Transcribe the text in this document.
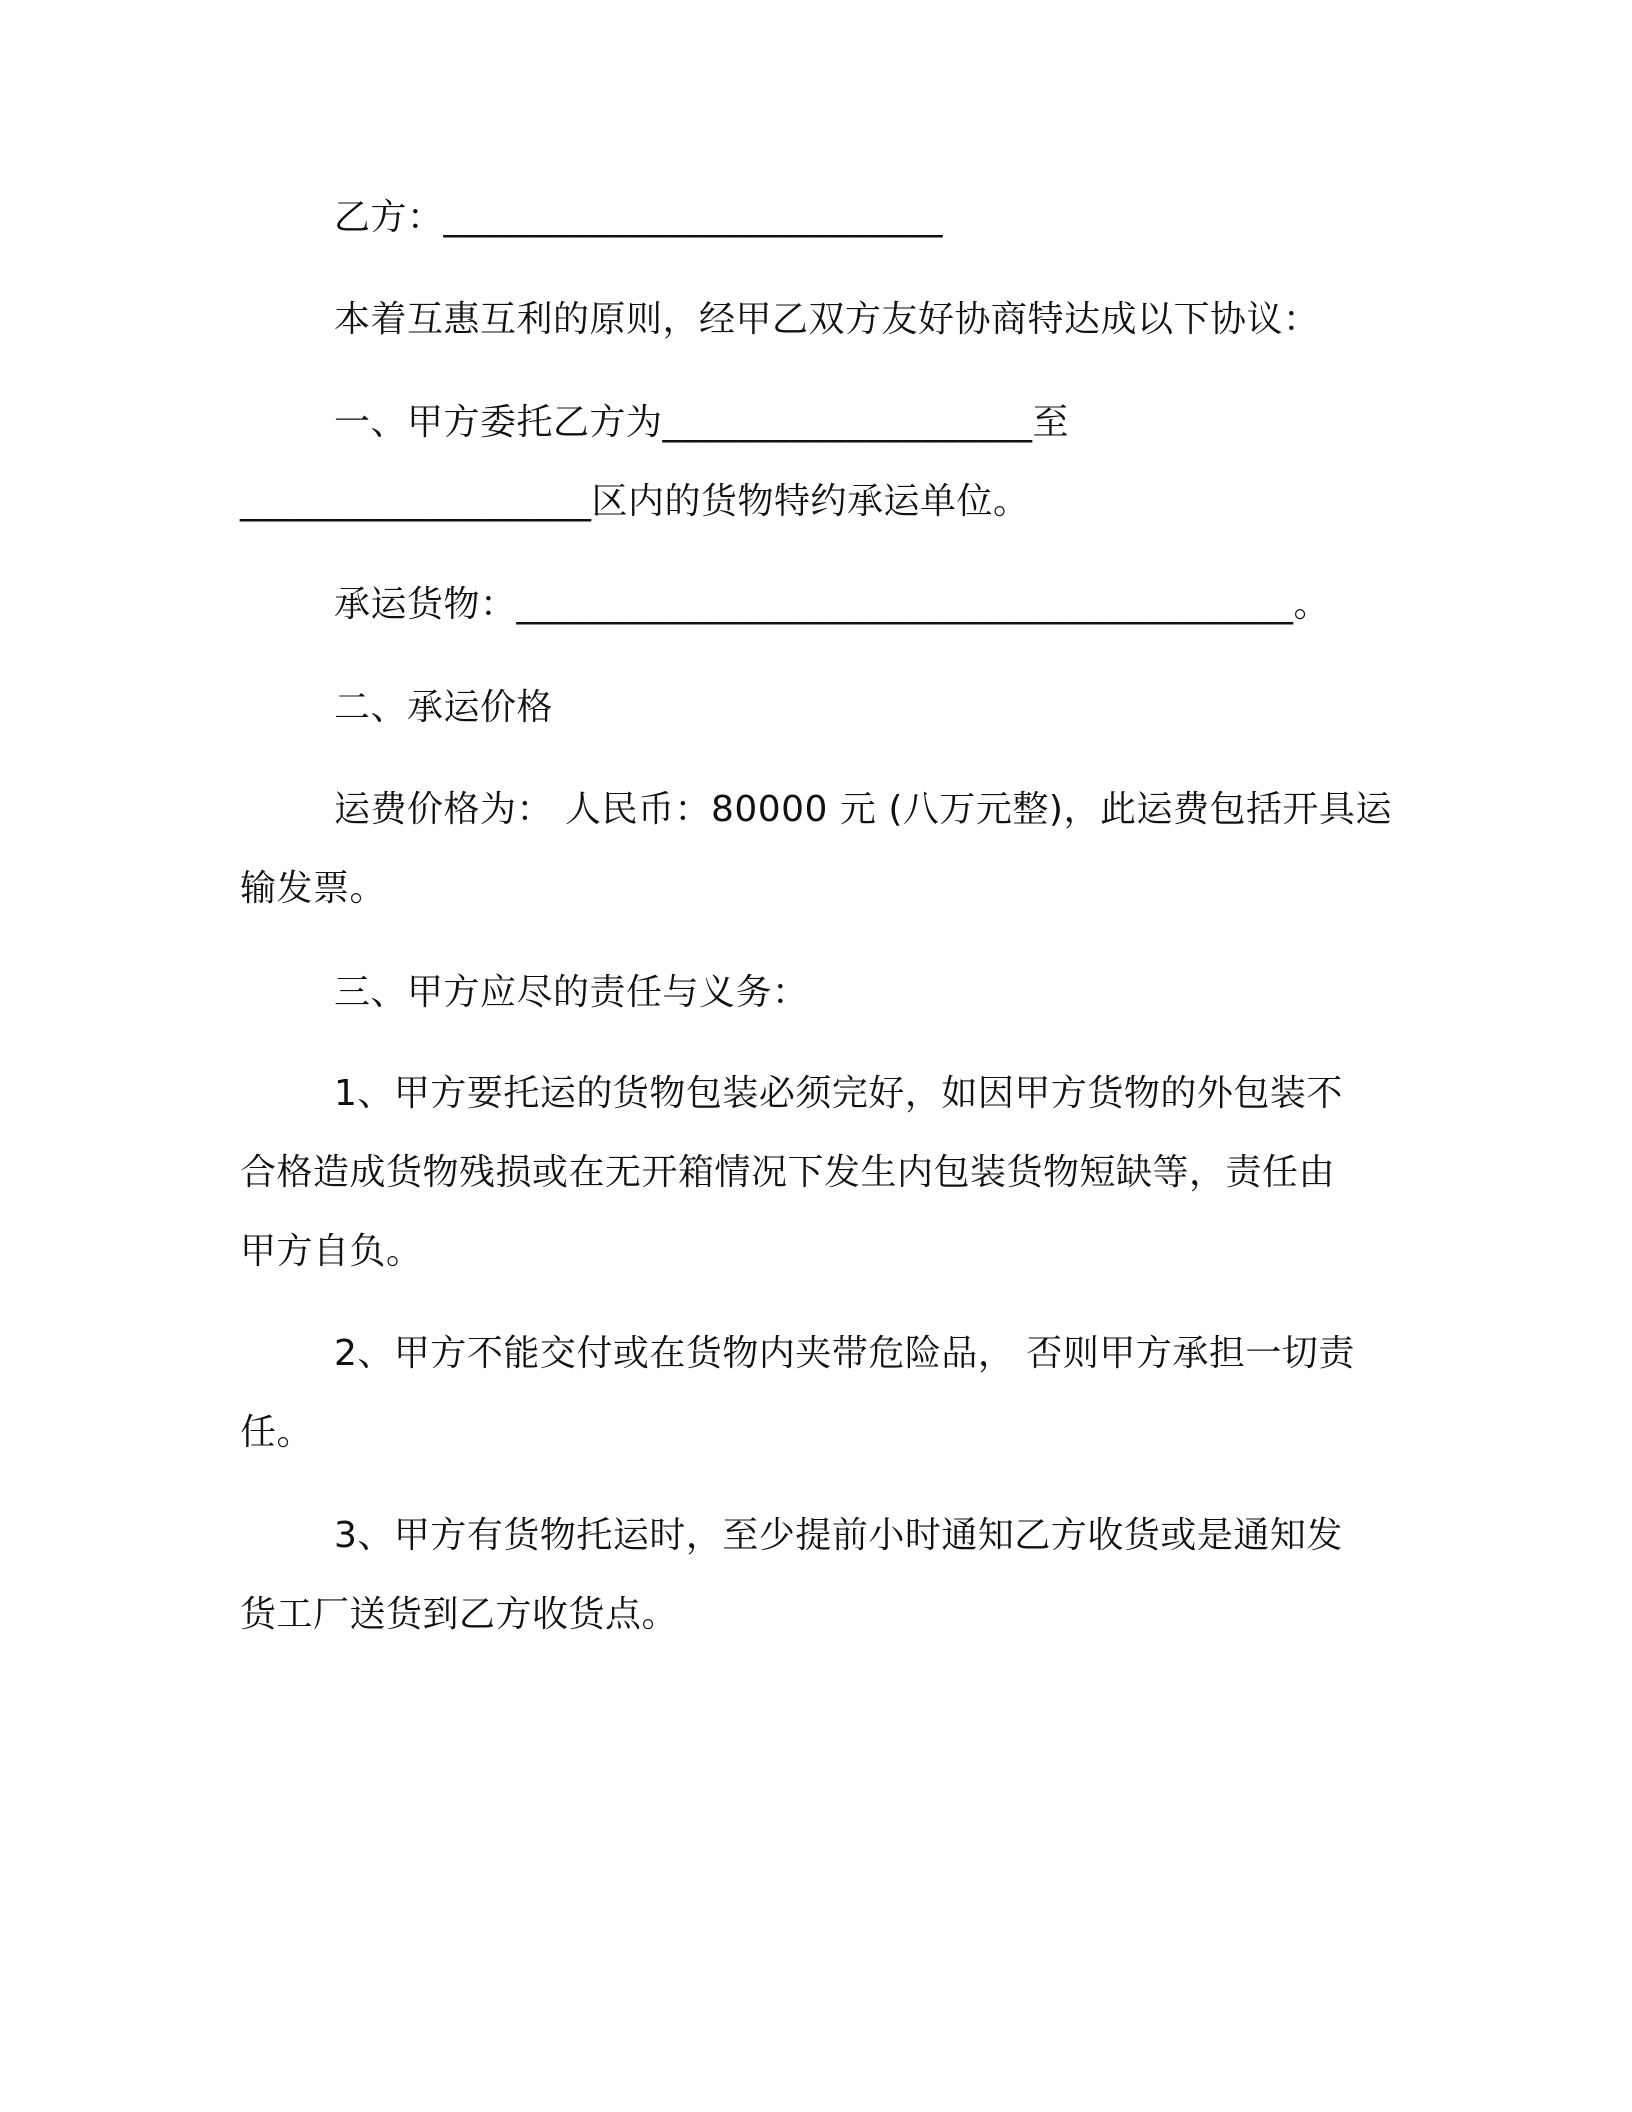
乙方：___________________________
本着互惠互利的原则，经甲乙双方友好协商特达成以下协议：
一、甲方委托乙方为____________________至
___________________区内的货物特约承运单位。
承运货物：__________________________________________。
二、承运价格
运费价格为： 人民币：80000 元 (八万元整)，此运费包括开具运
输发票。
三、甲方应尽的责任与义务：
1、甲方要托运的货物包装必须完好，如因甲方货物的外包装不
合格造成货物残损或在无开箱情况下发生内包装货物短缺等，责任由
甲方自负。
2、甲方不能交付或在货物内夹带危险品， 否则甲方承担一切责
任。
3、甲方有货物托运时，至少提前小时通知乙方收货或是通知发
货工厂送货到乙方收货点。
